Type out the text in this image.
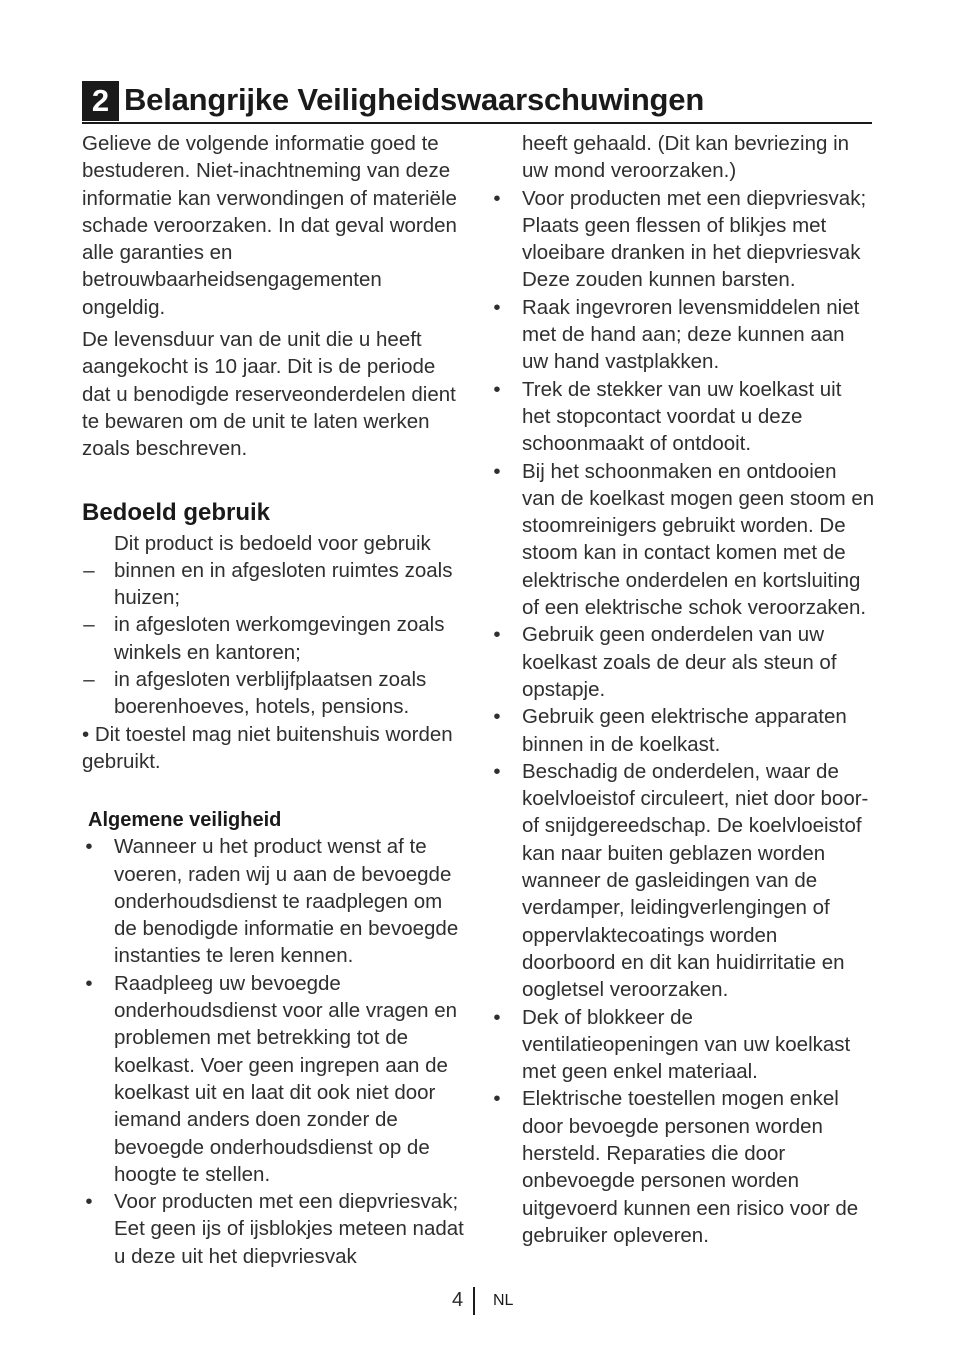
2 Belangrijke Veiligheidswaarschuwingen

Gelieve de volgende informatie goed te bestuderen. Niet-inachtneming van deze informatie kan verwondingen of materiële schade veroorzaken. In dat geval worden alle garanties en betrouwbaarheidsengagementen ongeldig.

De levensduur van de unit die u heeft aangekocht is 10 jaar. Dit is de periode dat u benodigde reserveonderdelen dient te bewaren om de unit te laten werken zoals beschreven.

Bedoeld gebruik

Dit product is bedoeld voor gebruik

– binnen en in afgesloten ruimtes zoals huizen;
– in afgesloten werkomgevingen zoals winkels en kantoren;
– in afgesloten verblijfplaatsen zoals boerenhoeves, hotels, pensions.

• Dit toestel mag niet buitenshuis worden gebruikt.

Algemene veiligheid
• Wanneer u het product wenst af te voeren, raden wij u aan de bevoegde onderhoudsdienst te raadplegen om de benodigde informatie en bevoegde instanties te leren kennen.
• Raadpleeg uw bevoegde onderhoudsdienst voor alle vragen en problemen met betrekking tot de koelkast. Voer geen ingrepen aan de koelkast uit en laat dit ook niet door iemand anders doen zonder de bevoegde onderhoudsdienst op de hoogte te stellen.
• Voor producten met een diepvriesvak; Eet geen ijs of ijsblokjes meteen nadat u deze uit het diepvriesvak

heeft gehaald. (Dit kan bevriezing in uw mond veroorzaken.)

• Voor producten met een diepvriesvak; Plaats geen flessen of blikjes met vloeibare dranken in het diepvriesvak Deze zouden kunnen barsten.
• Raak ingevroren levensmiddelen niet met de hand aan; deze kunnen aan uw hand vastplakken.
• Trek de stekker van uw koelkast uit het stopcontact voordat u deze schoonmaakt of ontdooit.
• Bij het schoonmaken en ontdooien van de koelkast mogen geen stoom en stoomreinigers gebruikt worden. De stoom kan in contact komen met de elektrische onderdelen en kortsluiting of een elektrische schok veroorzaken.
• Gebruik geen onderdelen van uw koelkast zoals de deur als steun of opstapje.
• Gebruik geen elektrische apparaten binnen in de koelkast.
• Beschadig de onderdelen, waar de koelvloeistof circuleert, niet door boor- of snijdgereedschap. De koelvloeistof kan naar buiten geblazen worden wanneer de gasleidingen van de verdamper, leidingverlengingen of oppervlaktecoatings worden doorboord en dit kan huidirritatie en oogletsel veroorzaken.
• Dek of blokkeer de ventilatieopeningen van uw koelkast met geen enkel materiaal.
• Elektrische toestellen mogen enkel door bevoegde personen worden hersteld. Reparaties die door onbevoegde personen worden uitgevoerd kunnen een risico voor de gebruiker opleveren.
4 NL
